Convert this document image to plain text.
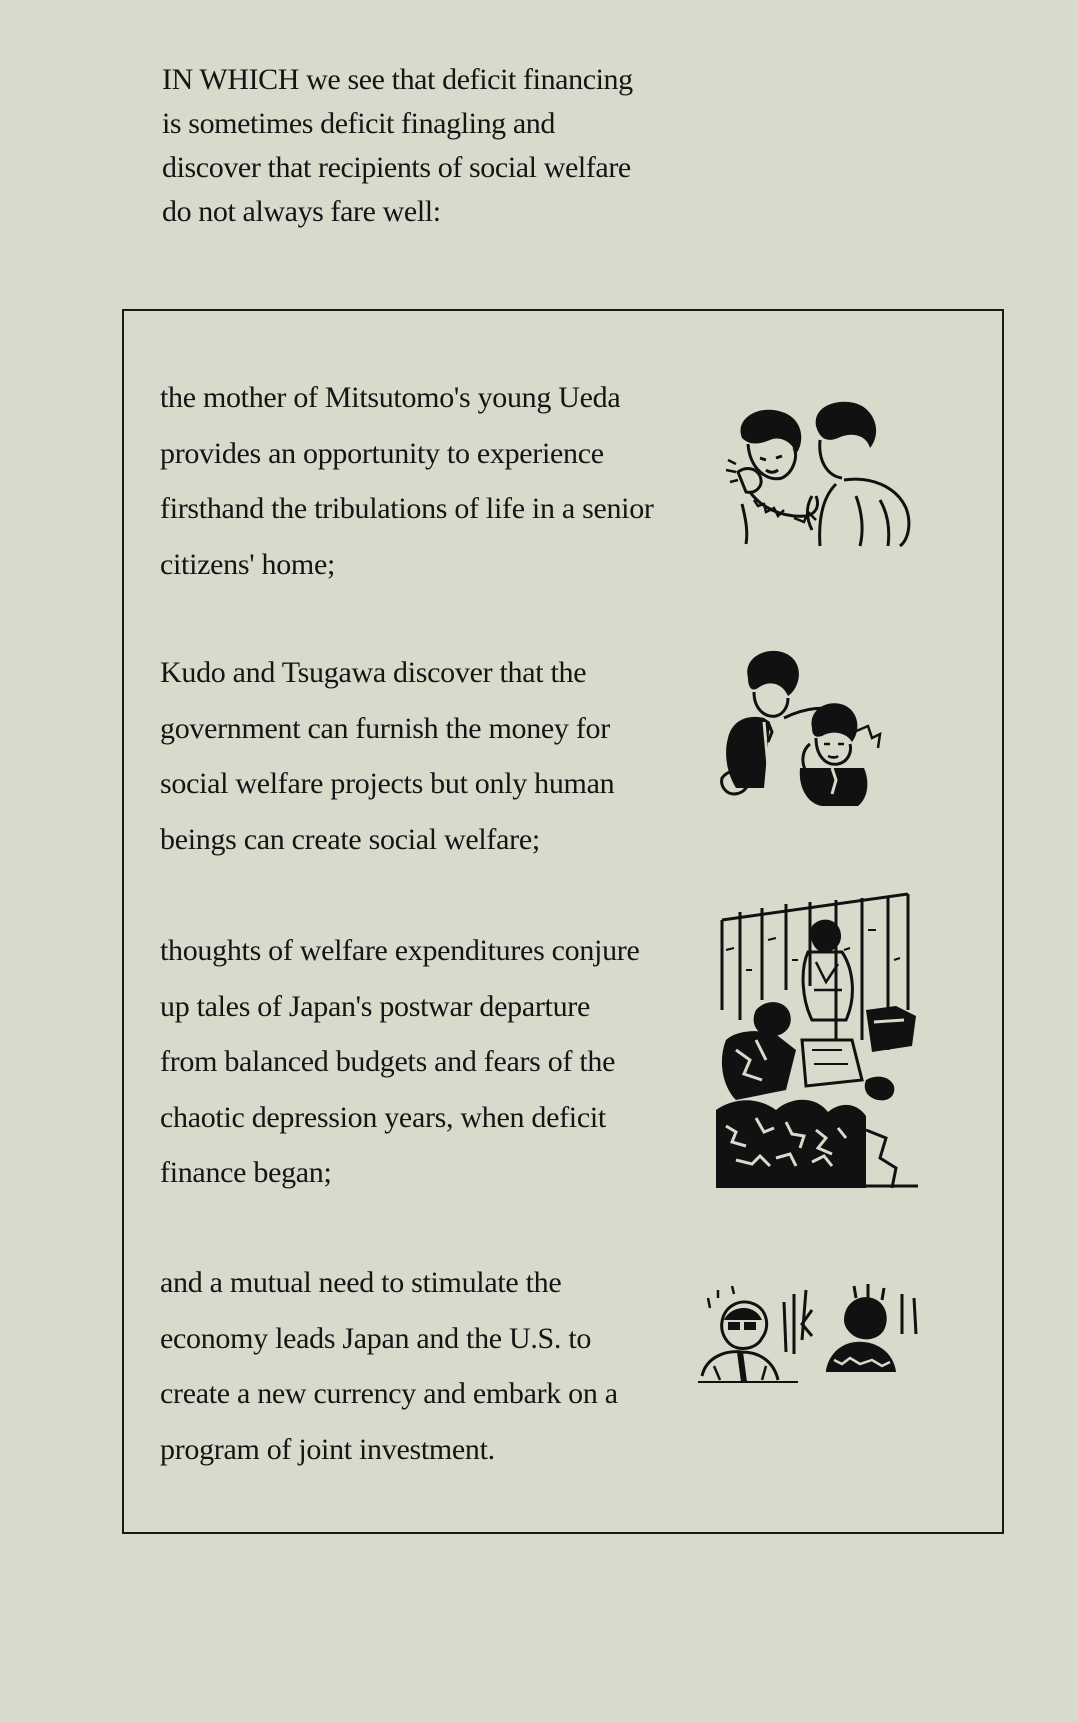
IN WHICH we see that deficit financing
is sometimes deficit finagling and
discover that recipients of social welfare
do not always fare well:
the mother of Mitsutomo's young Ueda
provides an opportunity to experience
firsthand the tribulations of life in a senior
citizens' home;
Kudo and Tsugawa discover that the
government can furnish the money for
social welfare projects but only human
beings can create social welfare;
thoughts of welfare expenditures conjure
up tales of Japan's postwar departure
from balanced budgets and fears of the
chaotic depression years, when deficit
finance began;
and a mutual need to stimulate the
economy leads Japan and the U.S. to
create a new currency and embark on a
program of joint investment.
